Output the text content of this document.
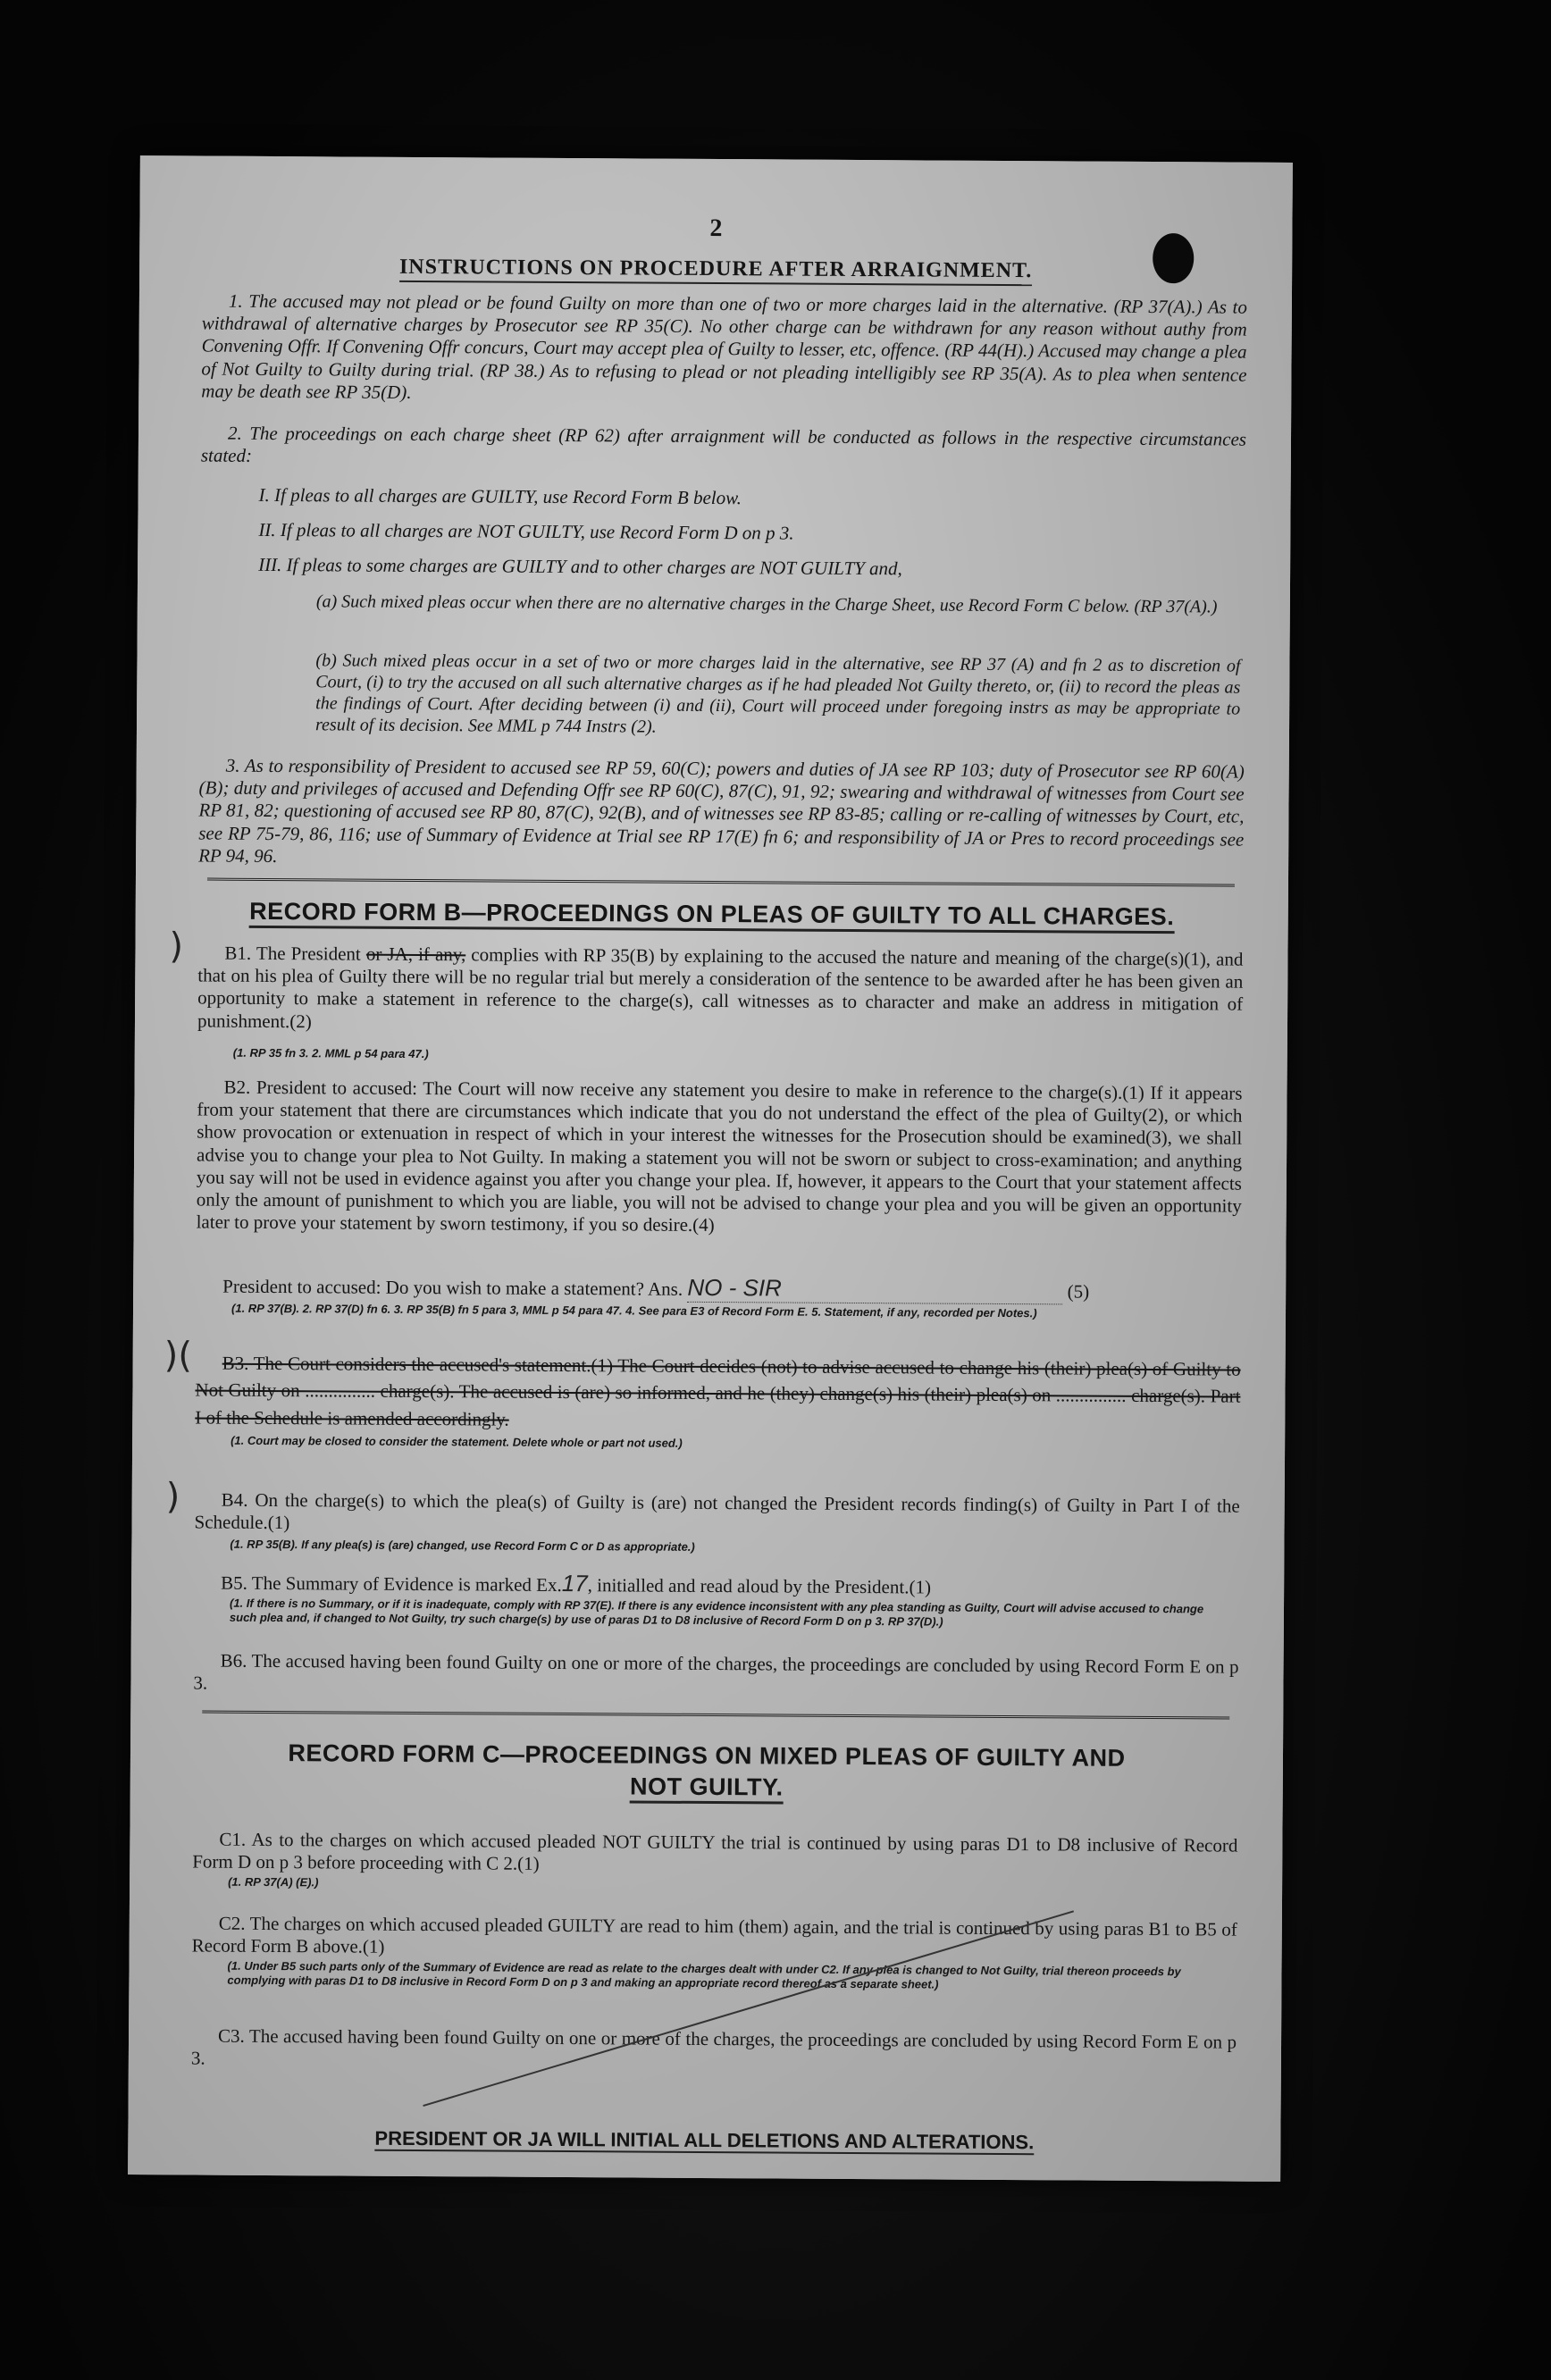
2
INSTRUCTIONS ON PROCEDURE AFTER ARRAIGNMENT.
1. The accused may not plead or be found Guilty on more than one of two or more charges laid in the alternative. (RP 37(A).) As to withdrawal of alternative charges by Prosecutor see RP 35(C). No other charge can be withdrawn for any reason without authy from Convening Offr. If Convening Offr concurs, Court may accept plea of Guilty to lesser, etc, offence. (RP 44(H).) Accused may change a plea of Not Guilty to Guilty during trial. (RP 38.) As to refusing to plead or not pleading intelligibly see RP 35(A). As to plea when sentence may be death see RP 35(D).
2. The proceedings on each charge sheet (RP 62) after arraignment will be conducted as follows in the respective circumstances stated:
I. If pleas to all charges are GUILTY, use Record Form B below.
II. If pleas to all charges are NOT GUILTY, use Record Form D on p 3.
III. If pleas to some charges are GUILTY and to other charges are NOT GUILTY and,
(a) Such mixed pleas occur when there are no alternative charges in the Charge Sheet, use Record Form C below. (RP 37(A).)
(b) Such mixed pleas occur in a set of two or more charges laid in the alternative, see RP 37 (A) and fn 2 as to discretion of Court, (i) to try the accused on all such alternative charges as if he had pleaded Not Guilty thereto, or, (ii) to record the pleas as the findings of Court. After deciding between (i) and (ii), Court will proceed under foregoing instrs as may be appropriate to result of its decision. See MML p 744 Instrs (2).
3. As to responsibility of President to accused see RP 59, 60(C); powers and duties of JA see RP 103; duty of Prosecutor see RP 60(A) (B); duty and privileges of accused and Defending Offr see RP 60(C), 87(C), 91, 92; swearing and withdrawal of witnesses from Court see RP 81, 82; questioning of accused see RP 80, 87(C), 92(B), and of witnesses see RP 83-85; calling or re-calling of witnesses by Court, etc, see RP 75-79, 86, 116; use of Summary of Evidence at Trial see RP 17(E) fn 6; and responsibility of JA or Pres to record proceedings see RP 94, 96.
RECORD FORM B—PROCEEDINGS ON PLEAS OF GUILTY TO ALL CHARGES.
)	B1. The President or JA, if any, complies with RP 35(B) by explaining to the accused the nature and meaning of the charge(s)(1), and that on his plea of Guilty there will be no regular trial but merely a consideration of the sentence to be awarded after he has been given an opportunity to make a statement in reference to the charge(s), call witnesses as to character and make an address in mitigation of punishment.(2)
(1. RP 35 fn 3. 2. MML p 54 para 47.)
B2. President to accused: The Court will now receive any statement you desire to make in reference to the charge(s).(1) If it appears from your statement that there are circumstances which indicate that you do not understand the effect of the plea of Guilty(2), or which show provocation or extenuation in respect of which in your interest the witnesses for the Prosecution should be examined(3), we shall advise you to change your plea to Not Guilty. In making a statement you will not be sworn or subject to cross-examination; and anything you say will not be used in evidence against you after you change your plea. If, however, it appears to the Court that your statement affects only the amount of punishment to which you are liable, you will not be advised to change your plea and you will be given an opportunity later to prove your statement by sworn testimony, if you so desire.(4)
President to accused: Do you wish to make a statement? Ans. NO - SIR	(5)
(1. RP 37(B). 2. RP 37(D) fn 6. 3. RP 35(B) fn 5 para 3, MML p 54 para 47. 4. See para E3 of Record Form E. 5. Statement, if any, recorded per Notes.)
)(	B3. The Court considers the accused's statement.(1) The Court decides (not) to advise accused to change his (their) plea(s) of Guilty to Not Guilty on ............... charge(s). The accused is (are) so informed, and he (they) change(s) his (their) plea(s) on ............... charge(s). Part I of the Schedule is amended accordingly.
(1. Court may be closed to consider the statement. Delete whole or part not used.)
)	B4. On the charge(s) to which the plea(s) of Guilty is (are) not changed the President records finding(s) of Guilty in Part I of the Schedule.(1)
(1. RP 35(B). If any plea(s) is (are) changed, use Record Form C or D as appropriate.)
B5. The Summary of Evidence is marked Ex.17, initialled and read aloud by the President.(1)
(1. If there is no Summary, or if it is inadequate, comply with RP 37(E). If there is any evidence inconsistent with any plea standing as Guilty, Court will advise accused to change such plea and, if changed to Not Guilty, try such charge(s) by use of paras D1 to D8 inclusive of Record Form D on p 3. RP 37(D).)
B6. The accused having been found Guilty on one or more of the charges, the proceedings are concluded by using Record Form E on p 3.
RECORD FORM C—PROCEEDINGS ON MIXED PLEAS OF GUILTY AND
NOT GUILTY.
C1. As to the charges on which accused pleaded NOT GUILTY the trial is continued by using paras D1 to D8 inclusive of Record Form D on p 3 before proceeding with C 2.(1)
(1. RP 37(A) (E).)
C2. The charges on which accused pleaded GUILTY are read to him (them) again, and the trial is continued by using paras B1 to B5 of Record Form B above.(1)
(1. Under B5 such parts only of the Summary of Evidence are read as relate to the charges dealt with under C2. If any plea is changed to Not Guilty, trial thereon proceeds by complying with paras D1 to D8 inclusive in Record Form D on p 3 and making an appropriate record thereof as a separate sheet.)
C3. The accused having been found Guilty on one or more of the charges, the proceedings are concluded by using Record Form E on p 3.
PRESIDENT OR JA WILL INITIAL ALL DELETIONS AND ALTERATIONS.
